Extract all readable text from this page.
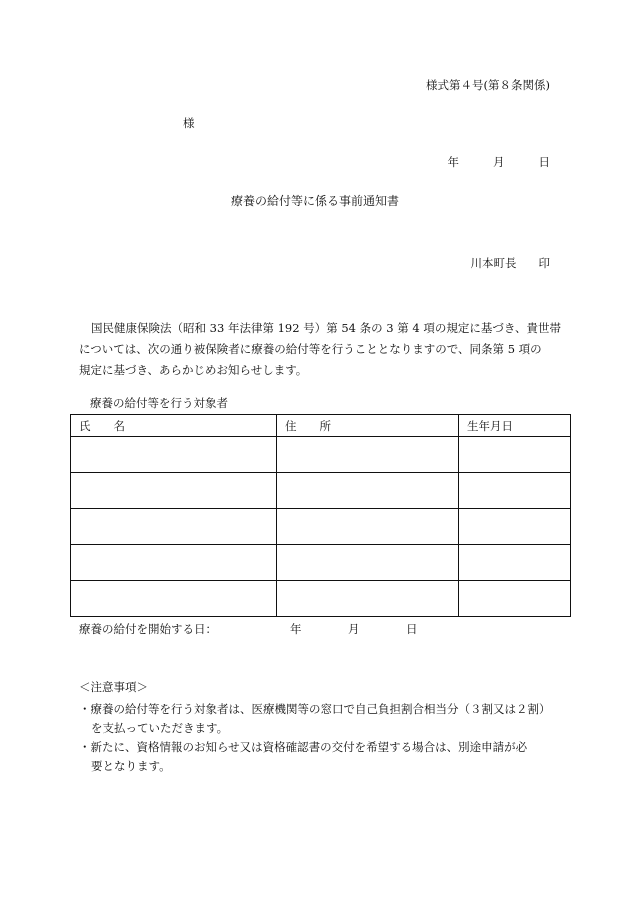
様式第４号(第８条関係)
様
年	月	日
療養の給付等に係る事前通知書
川本町長 印

国民健康保険法（昭和 33 年法律第 192 号）第 54 条の 3 第 4 項の規定に基づき、貴世帯

については、次の通り被保険者に療養の給付等を行うこととなりますので、同条第 5 項の

規定に基づき、あらかじめお知らせします。

療養の給付等を行う対象者
氏　　名	住　　所	生年月日

療養の給付を開始する日：	年	月	日
＜注意事項＞
・療養の給付等を行う対象者は、医療機関等の窓口で自己負担割合相当分（３割又は２割）
を支払っていただきます。
・新たに、資格情報のお知らせ又は資格確認書の交付を希望する場合は、別途申請が必
要となります。
